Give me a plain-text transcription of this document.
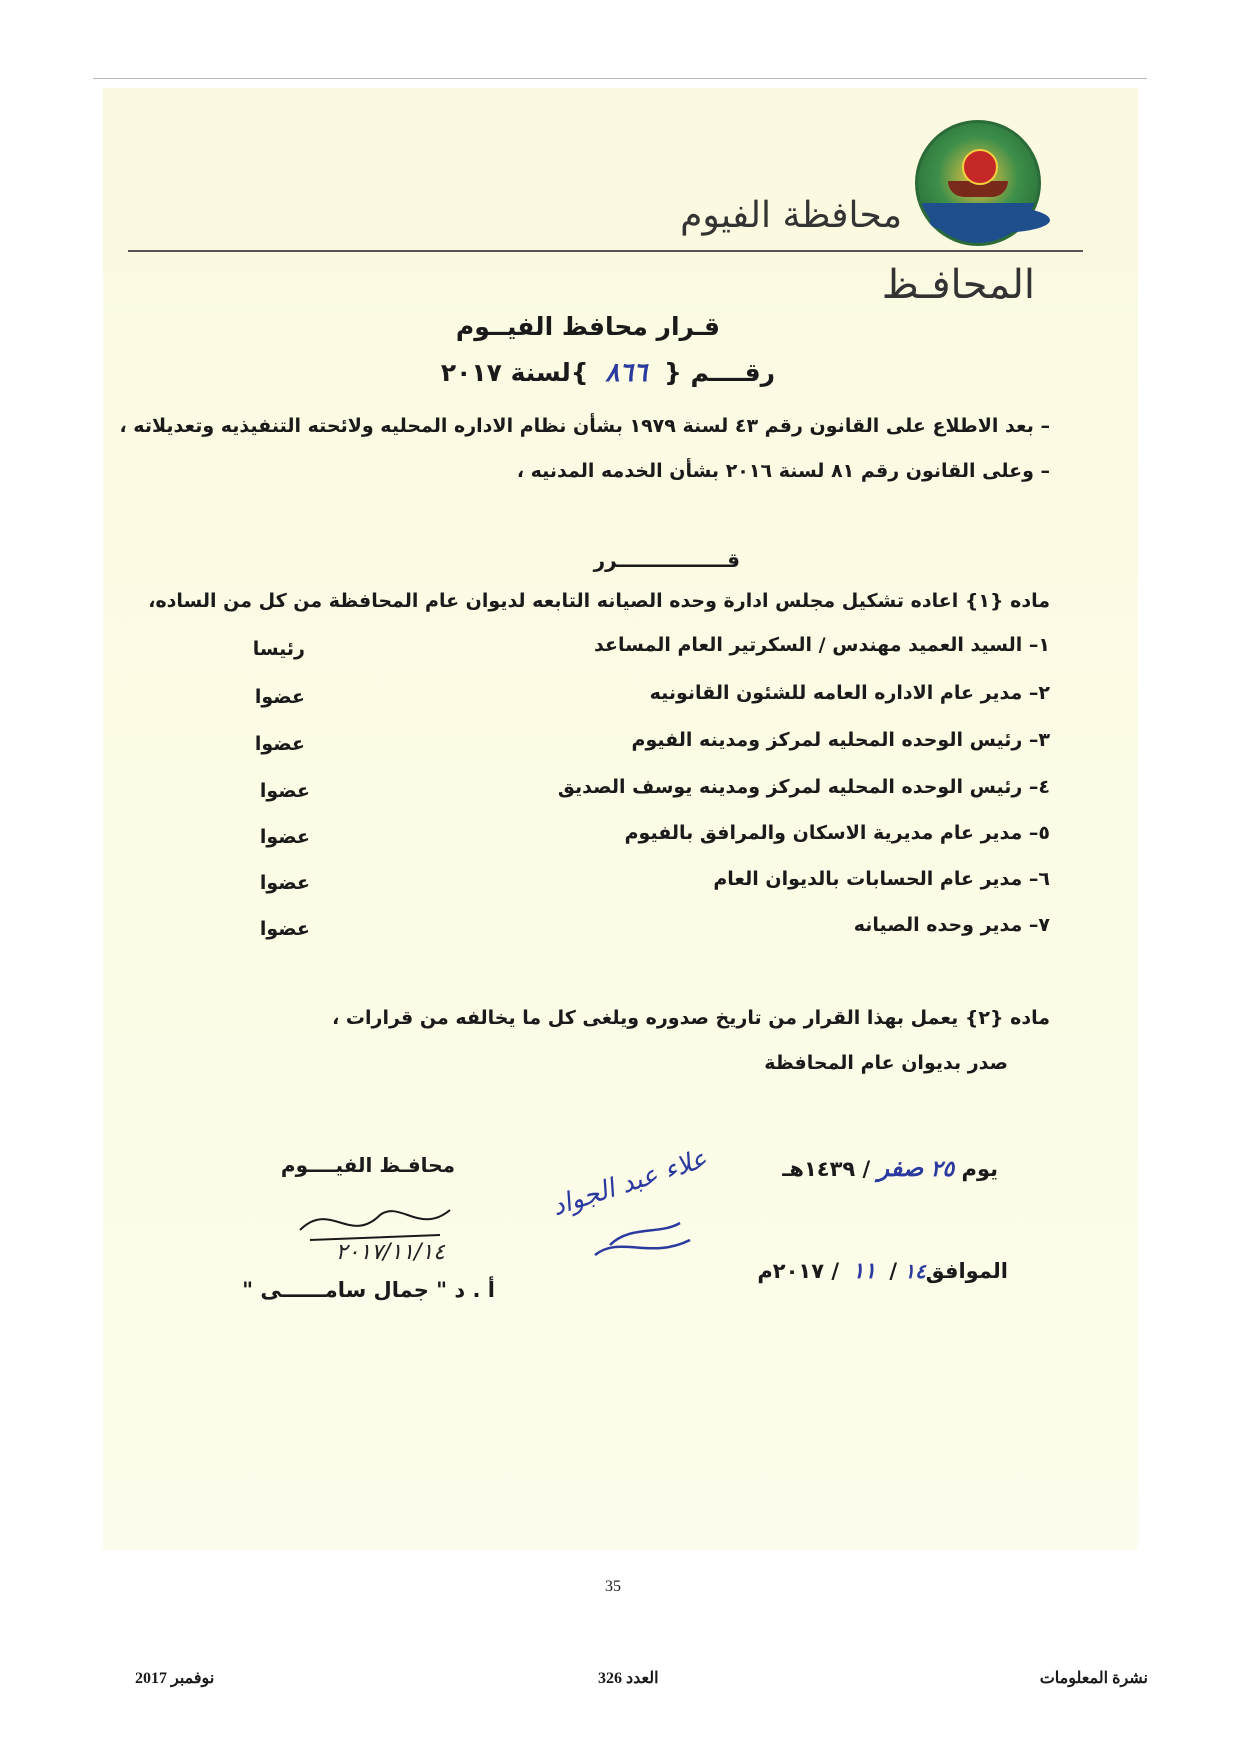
محافظة الفيوم
المحافـظ
قـرار محافظ الفيــوم
رقــــم { ٨٦٦ }لسنة ٢٠١٧
– بعد الاطلاع على القانون رقم ٤٣ لسنة ١٩٧٩ بشأن نظام الاداره المحليه ولائحته التنفيذيه وتعديلاته ،
– وعلى القانون رقم ٨١ لسنة ٢٠١٦ بشأن الخدمه المدنيه ،
قــــــــــــــــرر
ماده {١} اعاده تشكيل مجلس ادارة وحده الصيانه التابعه لديوان عام المحافظة من كل من الساده،
١– السيد العميد مهندس / السكرتير العام المساعد
رئيسا
٢– مدير عام الاداره العامه للشئون القانونيه
عضوا
٣– رئيس الوحده المحليه لمركز ومدينه الفيوم
عضوا
٤– رئيس الوحده المحليه لمركز ومدينه يوسف الصديق
عضوا
٥– مدير عام مديرية الاسكان والمرافق بالفيوم
عضوا
٦– مدير عام الحسابات بالديوان العام
عضوا
٧– مدير وحده الصيانه
عضوا
ماده {٢} يعمل بهذا القرار من تاريخ صدوره ويلغى كل ما يخالفه من قرارات ،
صدر بديوان عام المحافظة
يوم ٢٥ صفر / ١٤٣٩هـ
الموافق١٤ / ١١ / ٢٠١٧م
علاء عبد الجواد
محافـظ الفيــــوم
٢٠١٧/١١/١٤
أ . د " جمال سامــــــى "
35
نشرة المعلومات
العدد 326
نوفمبر 2017
